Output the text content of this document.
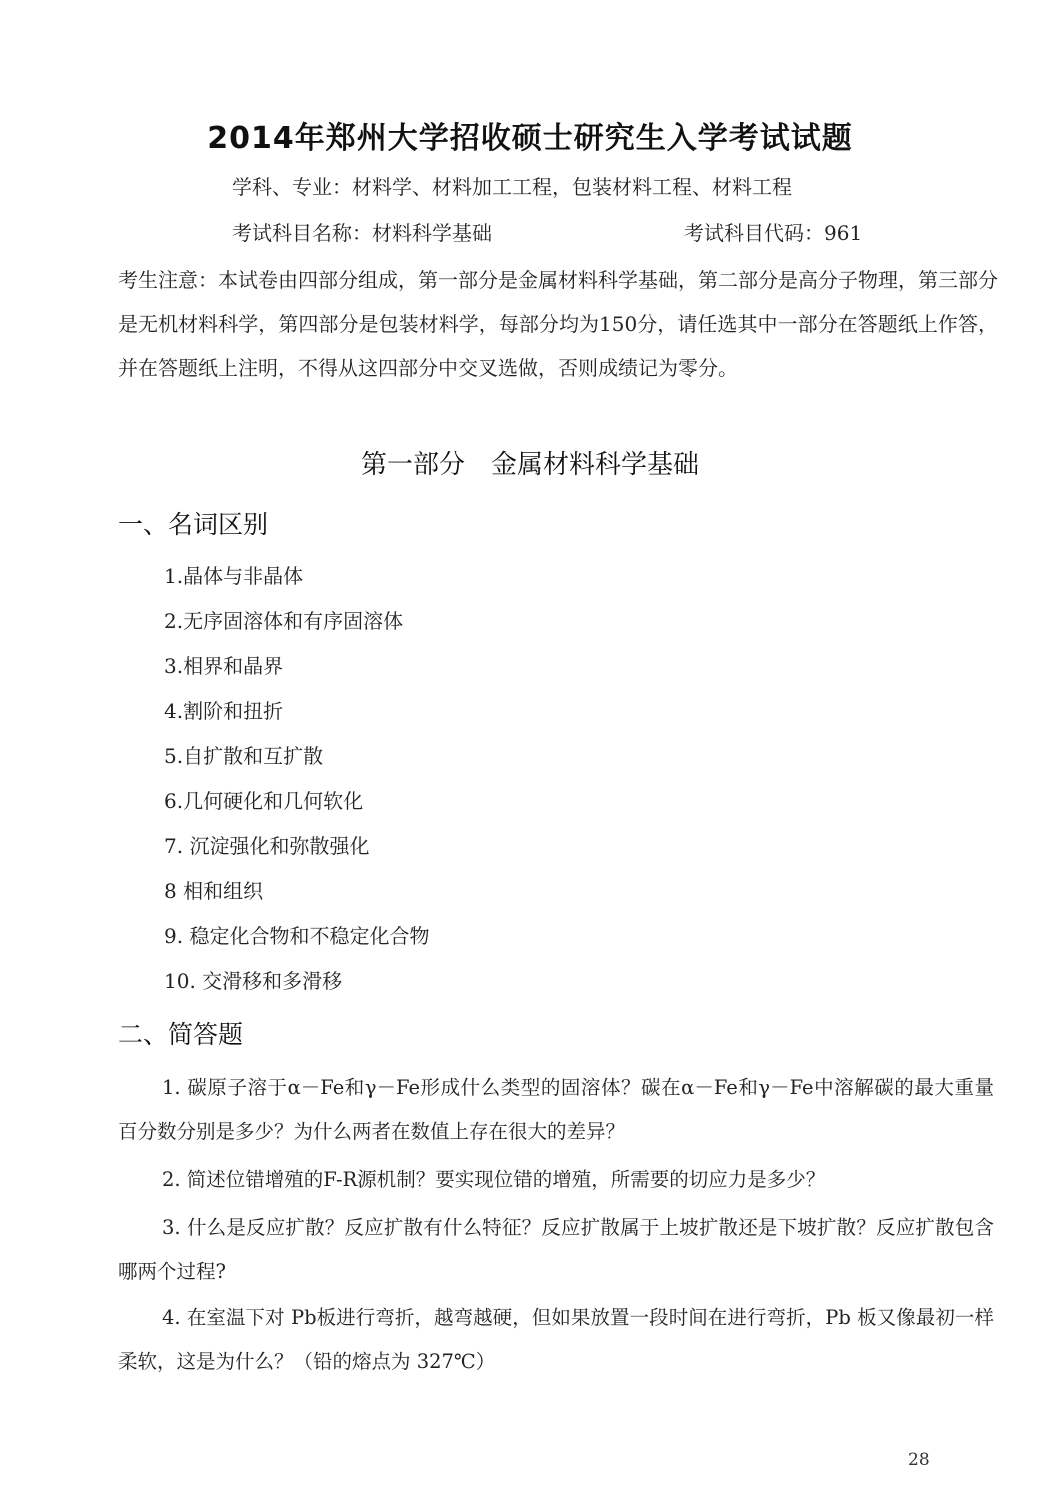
2014年郑州大学招收硕士研究生入学考试试题
学科、专业：材料学、材料加工工程，包装材料工程、材料工程
考试科目名称：材料科学基础	考试科目代码：961
考生注意：本试卷由四部分组成，第一部分是金属材料科学基础，第二部分是高分子物理，第三部分是无机材料科学，第四部分是包装材料学，每部分均为150分，请任选其中一部分在答题纸上作答，并在答题纸上注明，不得从这四部分中交叉选做，否则成绩记为零分。
第一部分　金属材料科学基础
一、名词区别
1.晶体与非晶体
2.无序固溶体和有序固溶体
3.相界和晶界
4.割阶和扭折
5.自扩散和互扩散
6.几何硬化和几何软化
7. 沉淀强化和弥散强化
8 相和组织
9. 稳定化合物和不稳定化合物
10. 交滑移和多滑移
二、简答题
1. 碳原子溶于α－Fe和γ－Fe形成什么类型的固溶体？碳在α－Fe和γ－Fe中溶解碳的最大重量百分数分别是多少？为什么两者在数值上存在很大的差异？
2. 简述位错增殖的F-R源机制？要实现位错的增殖，所需要的切应力是多少？
3. 什么是反应扩散？反应扩散有什么特征？反应扩散属于上坡扩散还是下坡扩散？反应扩散包含哪两个过程?
4. 在室温下对 Pb板进行弯折，越弯越硬，但如果放置一段时间在进行弯折，Pb 板又像最初一样柔软，这是为什么？（铅的熔点为 327℃）
28
